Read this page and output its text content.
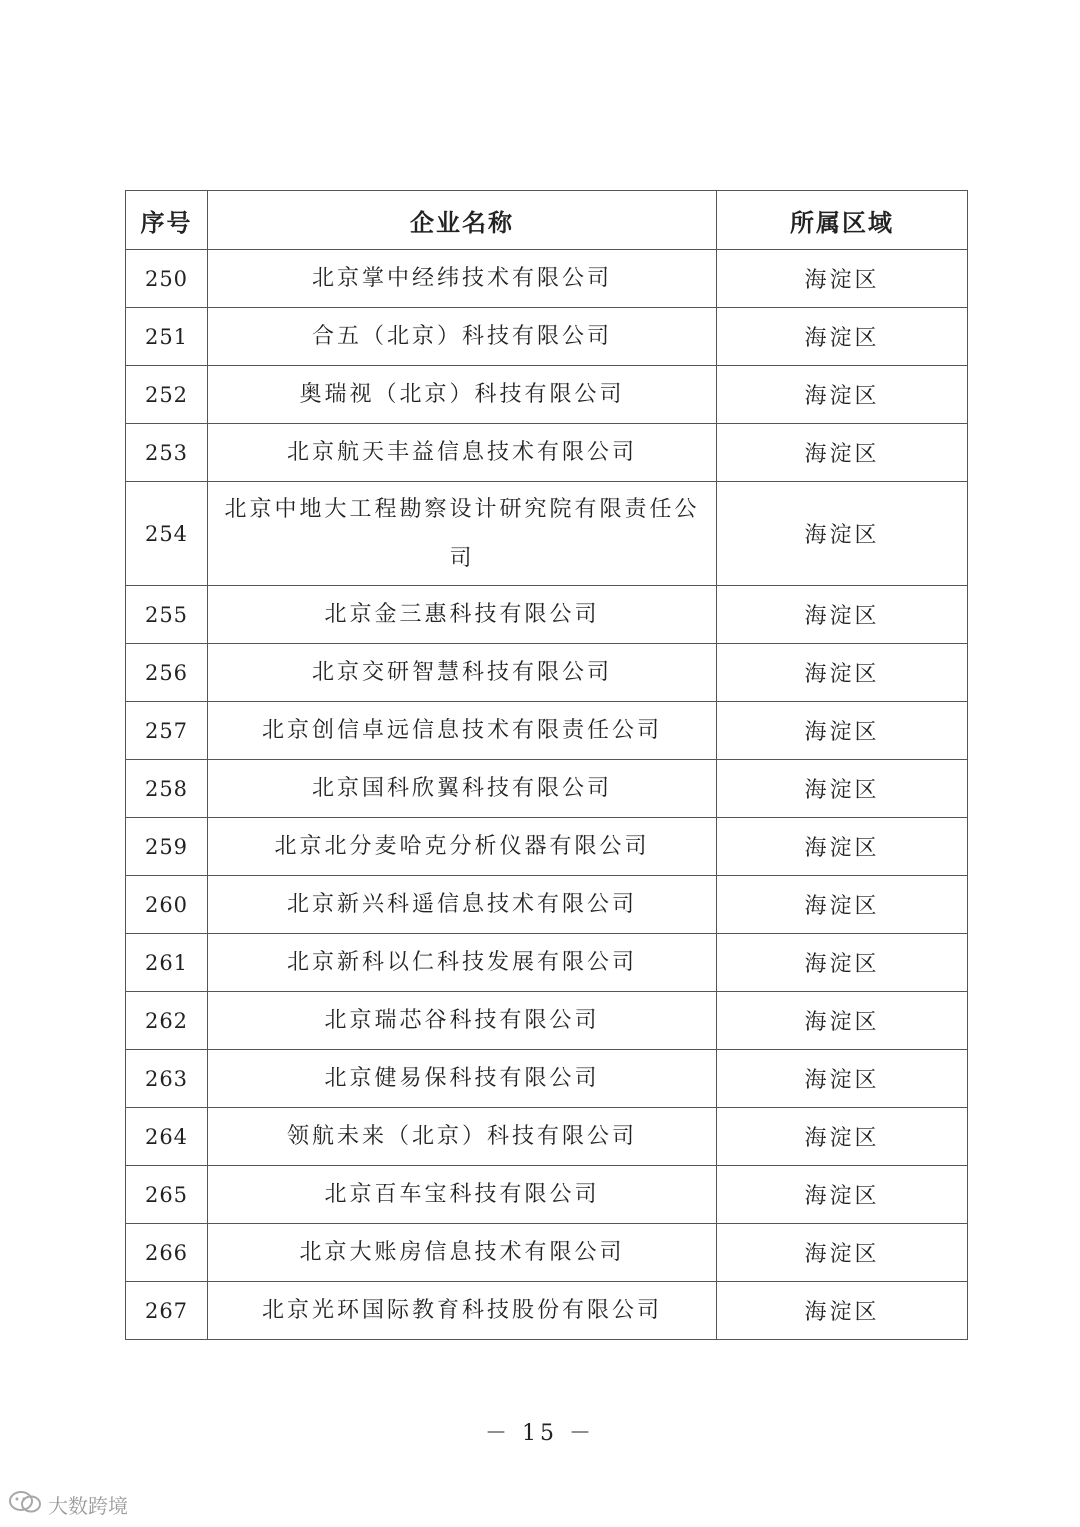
序号	企业名称	所属区域
250	北京掌中经纬技术有限公司	海淀区
251	合五（北京）科技有限公司	海淀区
252	奥瑞视（北京）科技有限公司	海淀区
253	北京航天丰益信息技术有限公司	海淀区
254	北京中地大工程勘察设计研究院有限责任公司	海淀区
255	北京金三惠科技有限公司	海淀区
256	北京交研智慧科技有限公司	海淀区
257	北京创信卓远信息技术有限责任公司	海淀区
258	北京国科欣翼科技有限公司	海淀区
259	北京北分麦哈克分析仪器有限公司	海淀区
260	北京新兴科遥信息技术有限公司	海淀区
261	北京新科以仁科技发展有限公司	海淀区
262	北京瑞芯谷科技有限公司	海淀区
263	北京健易保科技有限公司	海淀区
264	领航未来（北京）科技有限公司	海淀区
265	北京百车宝科技有限公司	海淀区
266	北京大账房信息技术有限公司	海淀区
267	北京光环国际教育科技股份有限公司	海淀区
－ 15 －
大数跨境
